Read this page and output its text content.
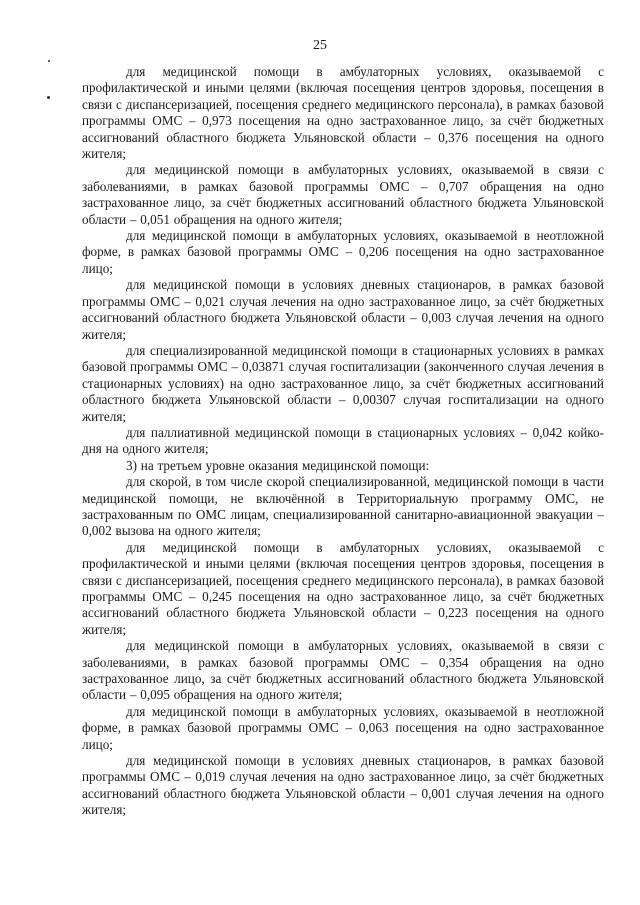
25

для медицинской помощи в амбулаторных условиях, оказываемой с профилактической и иными целями (включая посещения центров здоровья, посещения в связи с диспансеризацией, посещения среднего медицинского персонала), в рамках базовой программы ОМС – 0,973 посещения на одно застрахованное лицо, за счёт бюджетных ассигнований областного бюджета Ульяновской области – 0,376 посещения на одного жителя;

для медицинской помощи в амбулаторных условиях, оказываемой в связи с заболеваниями, в рамках базовой программы ОМС – 0,707 обращения на одно застрахованное лицо, за счёт бюджетных ассигнований областного бюджета Ульяновской области – 0,051 обращения на одного жителя;

для медицинской помощи в амбулаторных условиях, оказываемой в неотложной форме, в рамках базовой программы ОМС – 0,206 посещения на одно застрахованное лицо;

для медицинской помощи в условиях дневных стационаров, в рамках базовой программы ОМС – 0,021 случая лечения на одно застрахованное лицо, за счёт бюджетных ассигнований областного бюджета Ульяновской области – 0,003 случая лечения на одного жителя;

для специализированной медицинской помощи в стационарных условиях в рамках базовой программы ОМС – 0,03871 случая госпитализации (законченного случая лечения в стационарных условиях) на одно застрахованное лицо, за счёт бюджетных ассигнований областного бюджета Ульяновской области – 0,00307 случая госпитализации на одного жителя;

для паллиативной медицинской помощи в стационарных условиях – 0,042 койко-дня на одного жителя;

3) на третьем уровне оказания медицинской помощи:

для скорой, в том числе скорой специализированной, медицинской помощи в части медицинской помощи, не включённой в Территориальную программу ОМС, не застрахованным по ОМС лицам, специализированной санитарно-авиационной эвакуации – 0,002 вызова на одного жителя;

для медицинской помощи в амбулаторных условиях, оказываемой с профилактической и иными целями (включая посещения центров здоровья, посещения в связи с диспансеризацией, посещения среднего медицинского персонала), в рамках базовой программы ОМС – 0,245 посещения на одно застрахованное лицо, за счёт бюджетных ассигнований областного бюджета Ульяновской области – 0,223 посещения на одного жителя;

для медицинской помощи в амбулаторных условиях, оказываемой в связи с заболеваниями, в рамках базовой программы ОМС – 0,354 обращения на одно застрахованное лицо, за счёт бюджетных ассигнований областного бюджета Ульяновской области – 0,095 обращения на одного жителя;

для медицинской помощи в амбулаторных условиях, оказываемой в неотложной форме, в рамках базовой программы ОМС – 0,063 посещения на одно застрахованное лицо;

для медицинской помощи в условиях дневных стационаров, в рамках базовой программы ОМС – 0,019 случая лечения на одно застрахованное лицо, за счёт бюджетных ассигнований областного бюджета Ульяновской области – 0,001 случая лечения на одного жителя;
